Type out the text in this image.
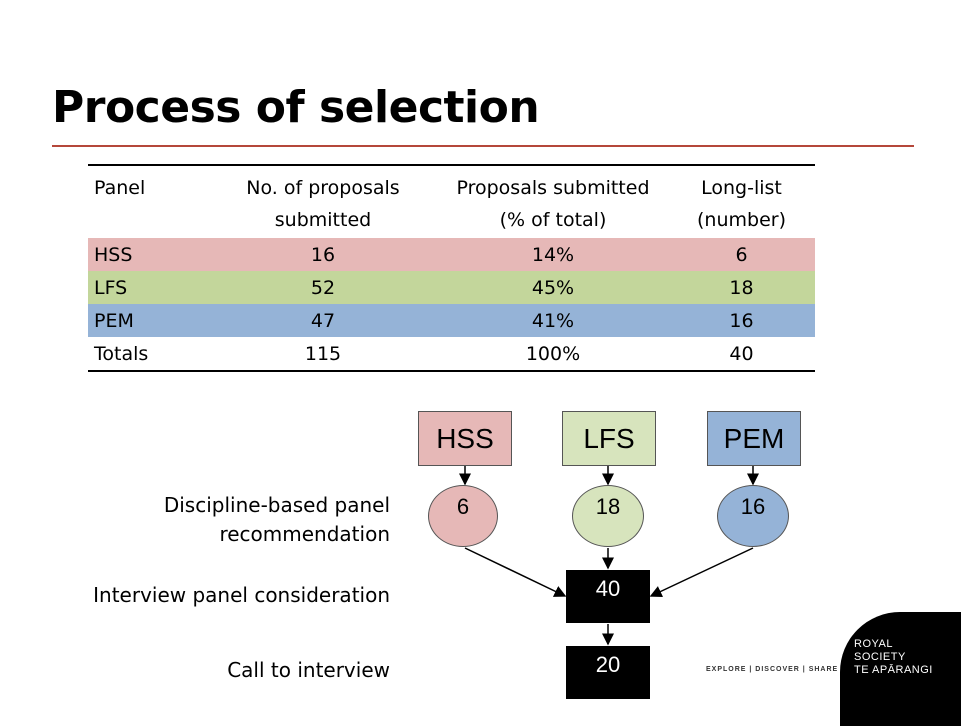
Process of selection
Panel	No. of proposals submitted	Proposals submitted (% of total)	Long-list (number)
HSS	16	14%	6
LFS	52	45%	18
PEM	47	41%	16
Totals	115	100%	40
HSS	LFS	PEM
6	18	16
40
20
Discipline-based panel recommendation
Interview panel consideration
Call to interview	EXPLORE | DISCOVER | SHARE
ROYAL
SOCIETY
TE APĀRANGI
